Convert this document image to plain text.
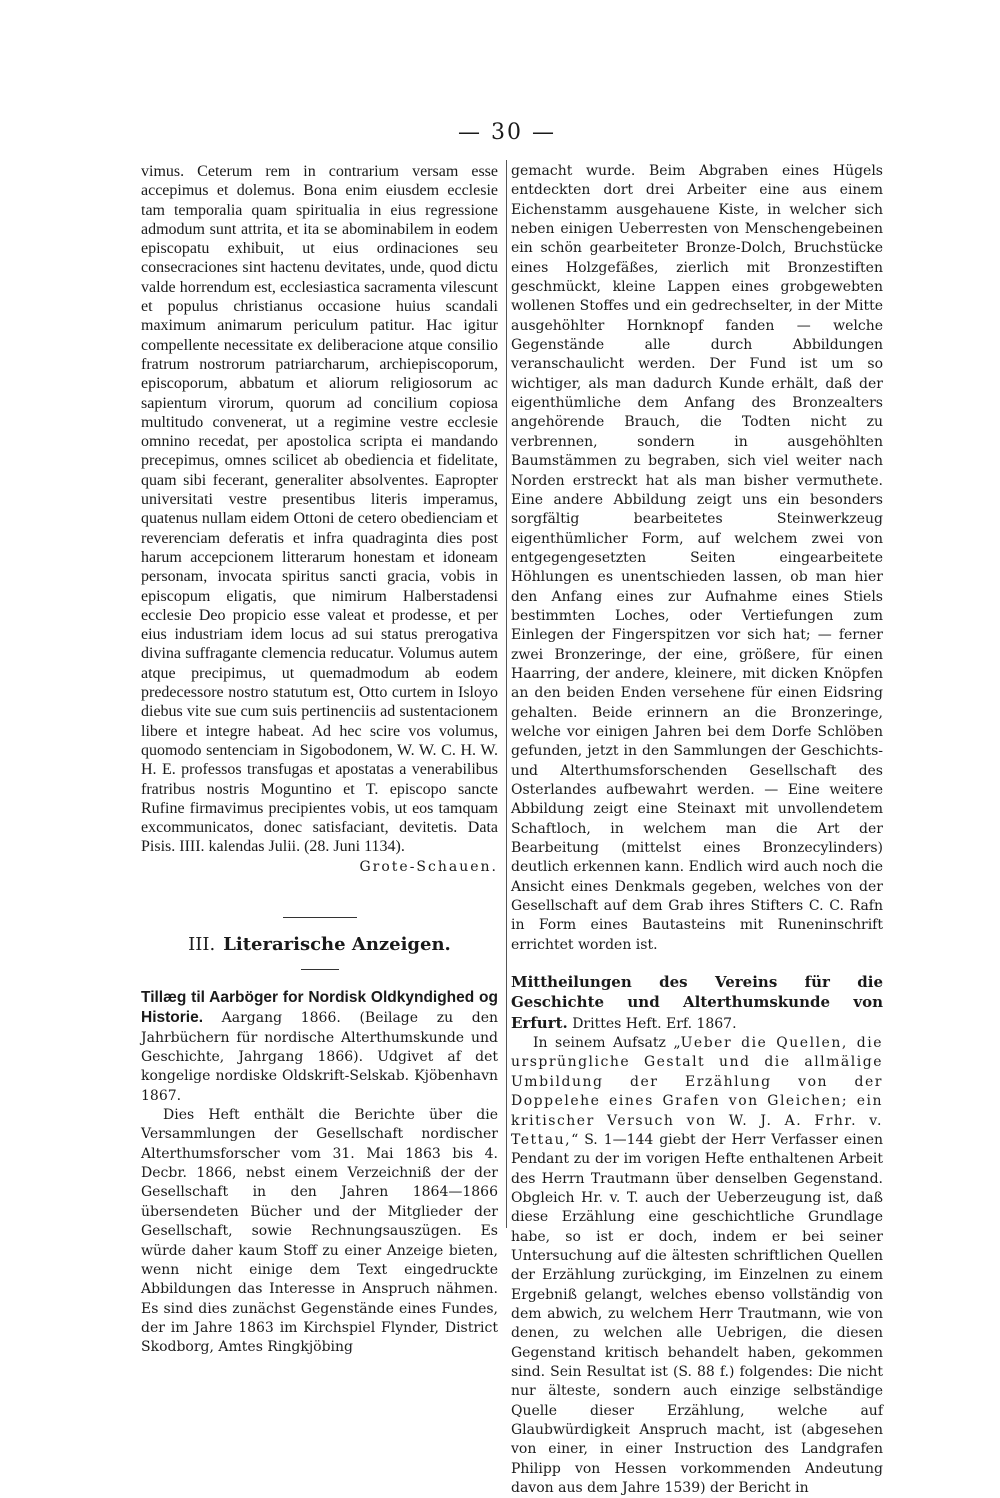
— 30 —

vimus. Ceterum rem in contrarium versam esse accepimus et dolemus. Bona enim eiusdem ecclesie tam temporalia quam spiritualia in eius regressione admodum sunt attrita, et ita se abominabilem in eodem episcopatu exhibuit, ut eius ordinaciones seu consecraciones sint hactenu devitates, unde, quod dictu valde horrendum est, ecclesiastica sacramenta vilescunt et populus christianus occasione huius scandali maximum animarum periculum patitur. Hac igitur compellente necessitate ex deliberacione atque consilio fratrum nostrorum patriarcharum, archiepiscoporum, episcoporum, abbatum et aliorum religiosorum ac sapientum virorum, quorum ad concilium copiosa multitudo convenerat, ut a regimine vestre ecclesie omnino recedat, per apostolica scripta ei mandando precepimus, omnes scilicet ab obediencia et fidelitate, quam sibi fecerant, generaliter absolventes. Eapropter universitati vestre presentibus literis imperamus, quatenus nullam eidem Ottoni de cetero obedienciam et reverenciam deferatis et infra quadraginta dies post harum accepcionem litterarum honestam et idoneam personam, invocata spiritus sancti gracia, vobis in episcopum eligatis, que nimirum Halberstadensi ecclesie Deo propicio esse valeat et prodesse, et per eius industriam idem locus ad sui status prerogativa divina suffragante clemencia reducatur. Volumus autem atque precipimus, ut quemadmodum ab eodem predecessore nostro statutum est, Otto curtem in Isloyo diebus vite sue cum suis pertinenciis ad sustentacionem libere et integre habeat. Ad hec scire vos volumus, quomodo sentenciam in Sigobodonem, W. W. C. H. W. H. E. professos transfugas et apostatas a venerabilibus fratribus nostris Moguntino et T. episcopo sancte Rufine firmavimus precipientes vobis, ut eos tamquam excommunicatos, donec satisfaciant, devitetis. Data Pisis. IIII. kalendas Julii. (28. Juni 1134).

Grote-Schauen.

III. Literarische Anzeigen.

Tillæg til Aarböger for Nordisk Oldkyndighed og Historie. Aargang 1866. (Beilage zu den Jahrbüchern für nordische Alterthumskunde und Geschichte, Jahrgang 1866). Udgivet af det kongelige nordiske Oldskrift-Selskab. Kjöbenhavn 1867.

Dies Heft enthält die Berichte über die Versammlungen der Gesellschaft nordischer Alterthumsforscher vom 31. Mai 1863 bis 4. Decbr. 1866, nebst einem Verzeichniß der der Gesellschaft in den Jahren 1864—1866 übersendeten Bücher und der Mitglieder der Gesellschaft, sowie Rechnungsauszügen. Es würde daher kaum Stoff zu einer Anzeige bieten, wenn nicht einige dem Text eingedruckte Abbildungen das Interesse in Anspruch nähmen. Es sind dies zunächst Gegenstände eines Fundes, der im Jahre 1863 im Kirchspiel Flynder, District Skodborg, Amtes Ringkjöbing

gemacht wurde. Beim Abgraben eines Hügels entdeckten dort drei Arbeiter eine aus einem Eichenstamm ausgehauene Kiste, in welcher sich neben einigen Ueberresten von Menschengebeinen ein schön gearbeiteter Bronze-Dolch, Bruchstücke eines Holzgefäßes, zierlich mit Bronzestiften geschmückt, kleine Lappen eines grobgewebten wollenen Stoffes und ein gedrechselter, in der Mitte ausgehöhlter Hornknopf fanden — welche Gegenstände alle durch Abbildungen veranschaulicht werden. Der Fund ist um so wichtiger, als man dadurch Kunde erhält, daß der eigenthümliche dem Anfang des Bronzealters angehörende Brauch, die Todten nicht zu verbrennen, sondern in ausgehöhlten Baumstämmen zu begraben, sich viel weiter nach Norden erstreckt hat als man bisher vermuthete. Eine andere Abbildung zeigt uns ein besonders sorgfältig bearbeitetes Steinwerkzeug eigenthümlicher Form, auf welchem zwei von entgegengesetzten Seiten eingearbeitete Höhlungen es unentschieden lassen, ob man hier den Anfang eines zur Aufnahme eines Stiels bestimmten Loches, oder Vertiefungen zum Einlegen der Fingerspitzen vor sich hat; — ferner zwei Bronzeringe, der eine, größere, für einen Haarring, der andere, kleinere, mit dicken Knöpfen an den beiden Enden versehene für einen Eidsring gehalten. Beide erinnern an die Bronzeringe, welche vor einigen Jahren bei dem Dorfe Schlöben gefunden, jetzt in den Sammlungen der Geschichts- und Alterthumsforschenden Gesellschaft des Osterlandes aufbewahrt werden. — Eine weitere Abbildung zeigt eine Steinaxt mit unvollendetem Schaftloch, in welchem man die Art der Bearbeitung (mittelst eines Bronzecylinders) deutlich erkennen kann. Endlich wird auch noch die Ansicht eines Denkmals gegeben, welches von der Gesellschaft auf dem Grab ihres Stifters C. C. Rafn in Form eines Bautasteins mit Runeninschrift errichtet worden ist.

Mittheilungen des Vereins für die Geschichte und Alterthumskunde von Erfurt. Drittes Heft. Erf. 1867.

In seinem Aufsatz „Ueber die Quellen, die ursprüngliche Gestalt und die allmälige Umbildung der Erzählung von der Doppelehe eines Grafen von Gleichen; ein kritischer Versuch von W. J. A. Frhr. v. Tettau,“ S. 1—144 giebt der Herr Verfasser einen Pendant zu der im vorigen Hefte enthaltenen Arbeit des Herrn Trautmann über denselben Gegenstand. Obgleich Hr. v. T. auch der Ueberzeugung ist, daß diese Erzählung eine geschichtliche Grundlage habe, so ist er doch, indem er bei seiner Untersuchung auf die ältesten schriftlichen Quellen der Erzählung zurückging, im Einzelnen zu einem Ergebniß gelangt, welches ebenso vollständig von dem abwich, zu welchem Herr Trautmann, wie von denen, zu welchen alle Uebrigen, die diesen Gegenstand kritisch behandelt haben, gekommen sind. Sein Resultat ist (S. 88 f.) folgendes: Die nicht nur älteste, sondern auch einzige selbständige Quelle dieser Erzählung, welche auf Glaubwürdigkeit Anspruch macht, ist (abgesehen von einer, in einer Instruction des Landgrafen Philipp von Hessen vorkommenden Andeutung davon aus dem Jahre 1539) der Bericht in
